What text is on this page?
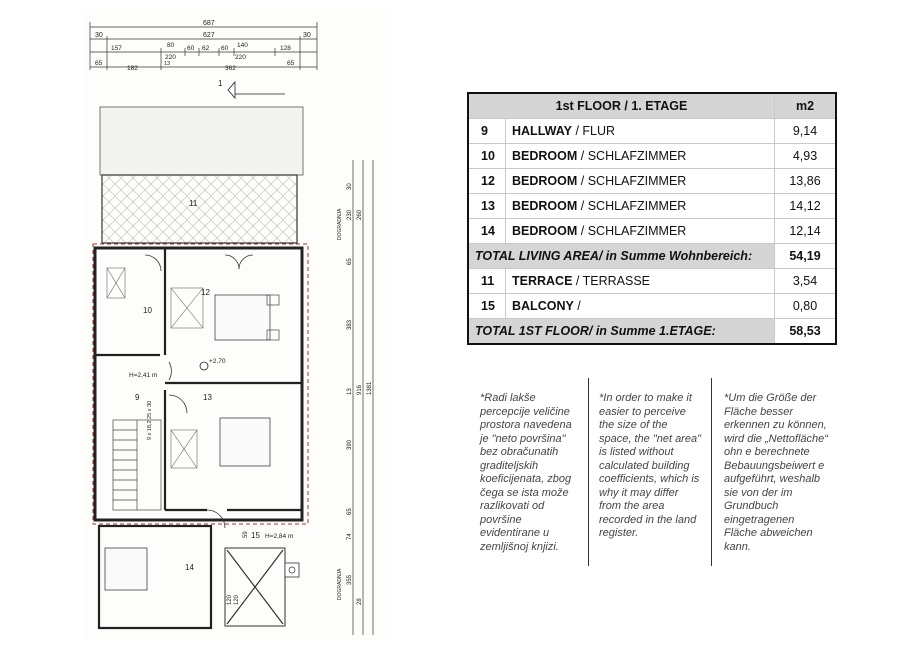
687
30	627	30
157	80
220
60 62 60 140
220
128
65
182
13
362
65
1
11
12
10
H=2,41 m
9
9 x 18,2 25 x 30
+2,70
13
14
15 H=2,84 m
59
120 120
30
230 260
65
383
13
390
65
74
355
28
916 1381
DOGRADNJA
DOGRADNJA
1st FLOOR / 1. ETAGE		m2
9	HALLWAY / FLUR	9,14
10	BEDROOM / SCHLAFZIMMER	4,93
12	BEDROOM / SCHLAFZIMMER	13,86
13	BEDROOM / SCHLAFZIMMER	14,12
14	BEDROOM / SCHLAFZIMMER	12,14
TOTAL LIVING AREA/ in Summe Wohnbereich:		54,19
11	TERRACE / TERRASSE	3,54
15	BALCONY /	0,80
TOTAL 1ST FLOOR/ in Summe 1.ETAGE:		58,53
*Radi lakše percepcije veličine prostora navedena je "neto površina" bez obračunatih graditeljskih koeficijenata, zbog čega se ista može razlikovati od površine evidentirane u zemljišnoj knjizi.
*In order to make it easier to perceive the size of the space, the "net area" is listed without calculated building coefficients, which is why it may differ from the area recorded in the land register.
*Um die Größe der Fläche besser erkennen zu können, wird die „Nettofläche“ ohn e berechnete Bebauungsbeiwert e aufgeführt, weshalb sie von der im Grundbuch eingetragenen Fläche abweichen kann.
